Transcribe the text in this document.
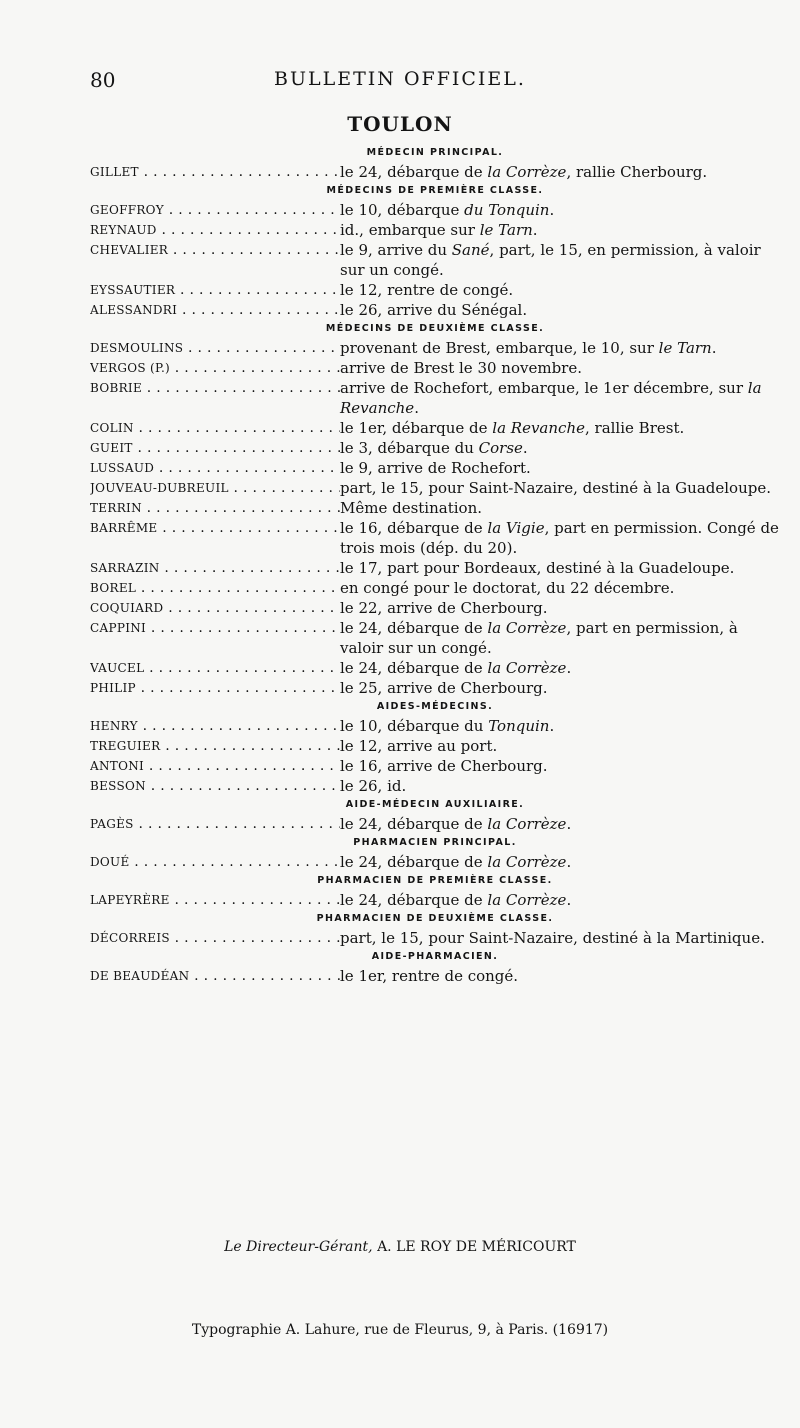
80	BULLETIN OFFICIEL.
TOULON
MÉDECIN PRINCIPAL.
GILLET . . .	le 24, débarque de la Corrèze, rallie Cherbourg.
MÉDECINS DE PREMIÈRE CLASSE.
GEOFFROY . . .	le 10, débarque du Tonquin.
REYNAUD . . .	id., embarque sur le Tarn.
CHEVALIER . . .	le 9, arrive du Sané, part, le 15, en permission, à valoir sur un congé.
EYSSAUTIER . . .	le 12, rentre de congé.
ALESSANDRI . . .	le 26, arrive du Sénégal.
MÉDECINS DE DEUXIÈME CLASSE.
DESMOULINS . . .	provenant de Brest, embarque, le 10, sur le Tarn.
VERGOS (P.) . . .	arrive de Brest le 30 novembre.
BOBRIE . . .	arrive de Rochefort, embarque, le 1er décembre, sur la Revanche.
COLIN . . .	le 1er, débarque de la Revanche, rallie Brest.
GUEIT . . .	le 3, débarque du Corse.
LUSSAUD . . .	le 9, arrive de Rochefort.
JOUVEAU-DUBREUIL . . .	part, le 15, pour Saint-Nazaire, destiné à la Guadeloupe.
TERRIN . . .	Même destination.
BARRÊME . . .	le 16, débarque de la Vigie, part en permission. Congé de trois mois (dép. du 20).
SARRAZIN . . .	le 17, part pour Bordeaux, destiné à la Guadeloupe.
BOREL . . .	en congé pour le doctorat, du 22 décembre.
COQUIARD . . .	le 22, arrive de Cherbourg.
CAPPINI . . .	le 24, débarque de la Corrèze, part en permission, à valoir sur un congé.
VAUCEL . . .	le 24, débarque de la Corrèze.
PHILIP . . .	le 25, arrive de Cherbourg.
AIDES-MÉDECINS.
HENRY . . .	le 10, débarque du Tonquin.
TREGUIER . . .	le 12, arrive au port.
ANTONI . . .	le 16, arrive de Cherbourg.
BESSON . . .	le 26, id.
AIDE-MÉDECIN AUXILIAIRE.
PAGÈS . . .	le 24, débarque de la Corrèze.
PHARMACIEN PRINCIPAL.
DOUÉ . . .	le 24, débarque de la Corrèze.
PHARMACIEN DE PREMIÈRE CLASSE.
LAPEYRÈRE . . .	le 24, débarque de la Corrèze.
PHARMACIEN DE DEUXIÈME CLASSE.
DÉCORREIS . . .	part, le 15, pour Saint-Nazaire, destiné à la Martinique.
AIDE-PHARMACIEN.
DE BEAUDÉAN . . .	le 1er, rentre de congé.
Le Directeur-Gérant, A. LE ROY DE MÉRICOURT
Typographie A. Lahure, rue de Fleurus, 9, à Paris. (16917)
